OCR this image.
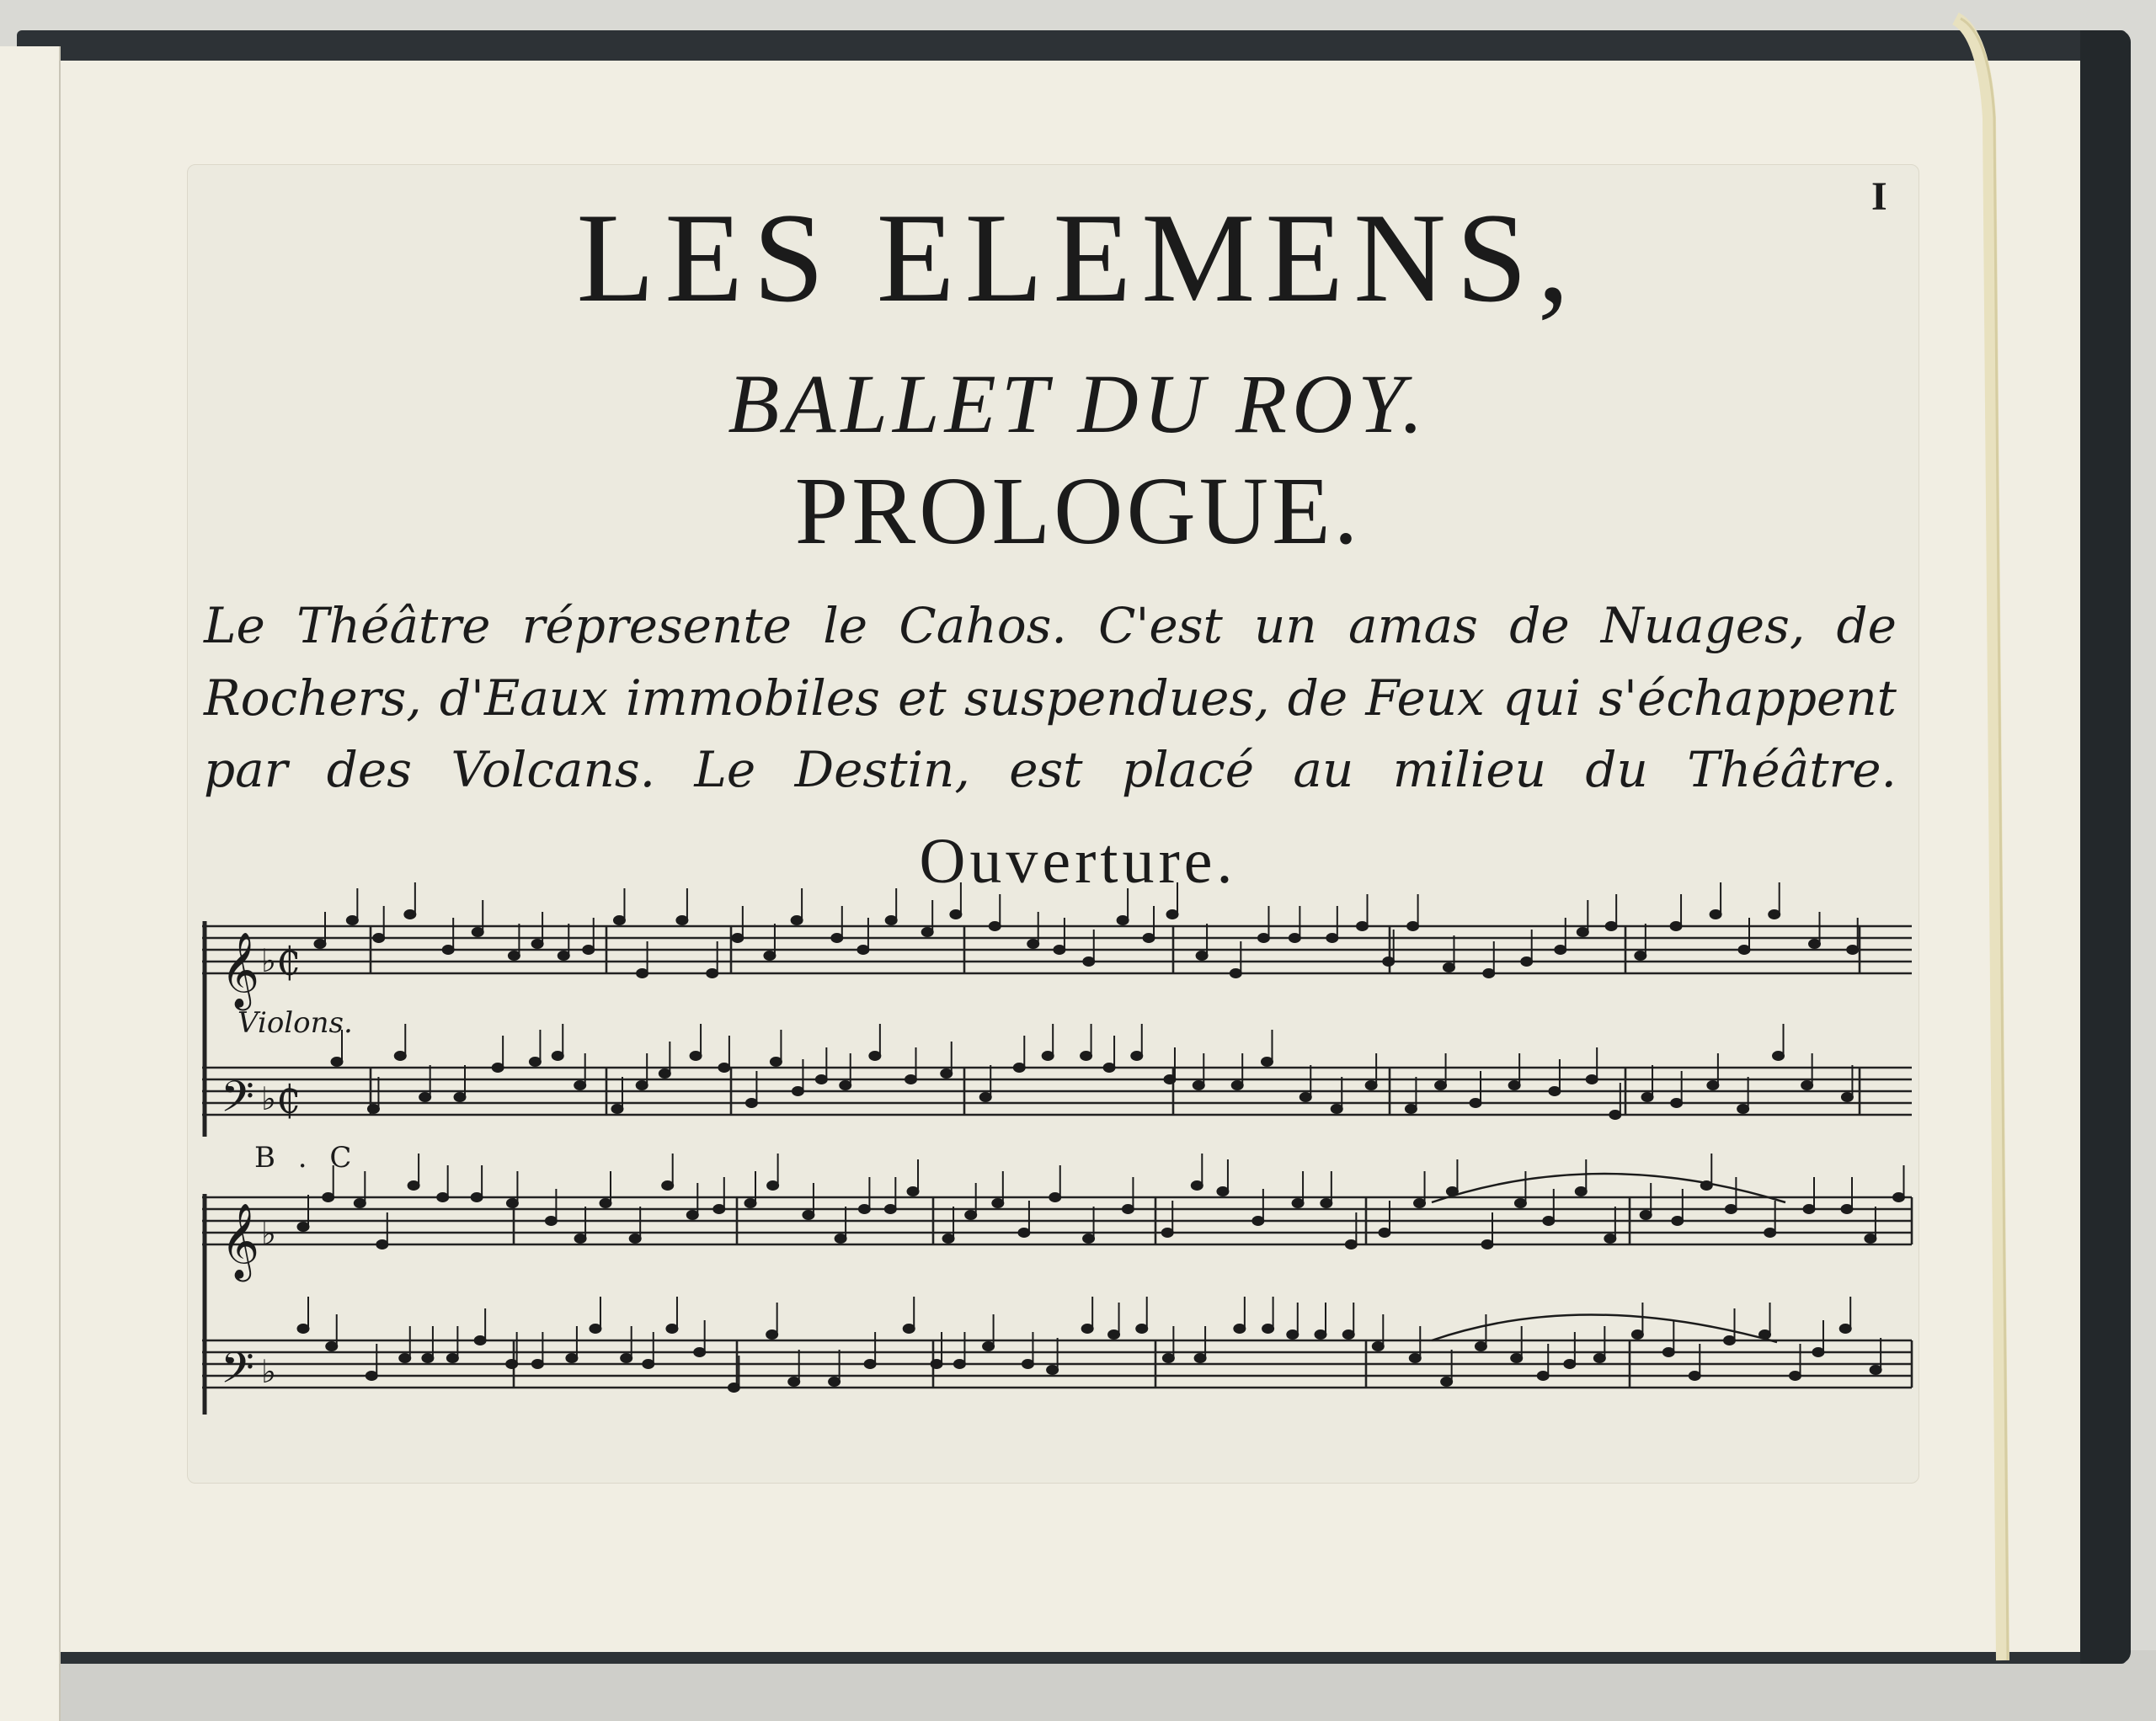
LES ELEMENS,
BALLET DU ROY.
PROLOGUE.
I
Le Théâtre répresente le Cahos. C'est un amas de Nuages, de
Rochers, d'Eaux immobiles et suspendues, de Feux qui s'échappent
par des Volcans. Le Destin, est placé au milieu du Théâtre.
Ouverture.
𝄞
𝄢
𝄞
𝄢
♭
♭
♭
♭
₵
₵
Violons.
B . C
